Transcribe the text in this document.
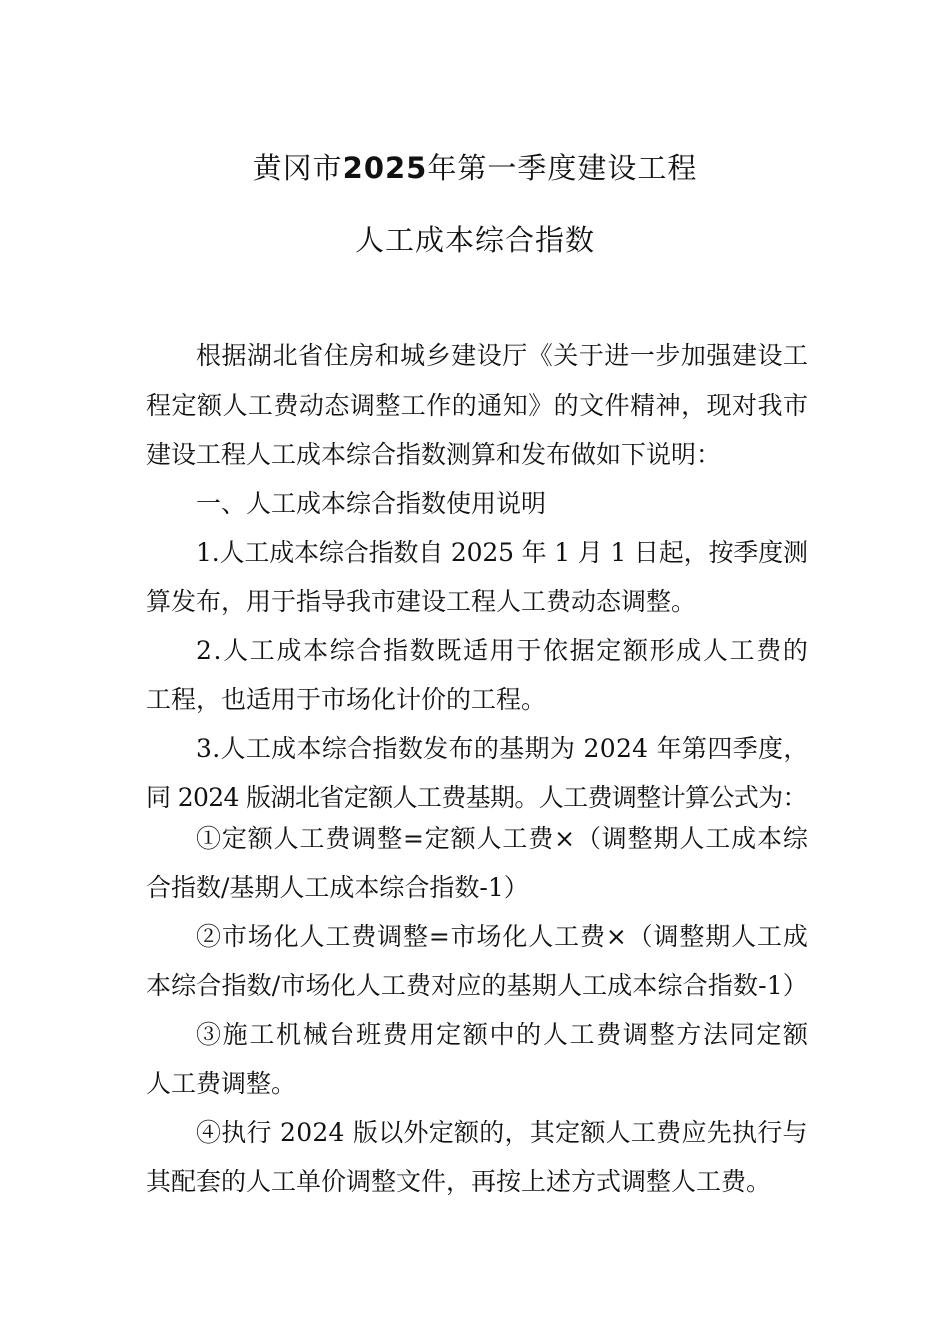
黄冈市2025年第一季度建设工程
人工成本综合指数
根据湖北省住房和城乡建设厅《关于进一步加强建设工
程定额人工费动态调整工作的通知》的文件精神，现对我市
建设工程人工成本综合指数测算和发布做如下说明：
一、人工成本综合指数使用说明
1.人工成本综合指数自 2025 年 1 月 1 日起，按季度测
算发布，用于指导我市建设工程人工费动态调整。
2.人工成本综合指数既适用于依据定额形成人工费的
工程，也适用于市场化计价的工程。
3.人工成本综合指数发布的基期为 2024 年第四季度，
同 2024 版湖北省定额人工费基期。人工费调整计算公式为：
①定额人工费调整=定额人工费×（调整期人工成本综
合指数/基期人工成本综合指数-1）
②市场化人工费调整=市场化人工费×（调整期人工成
本综合指数/市场化人工费对应的基期人工成本综合指数-1）
③施工机械台班费用定额中的人工费调整方法同定额
人工费调整。
④执行 2024 版以外定额的，其定额人工费应先执行与
其配套的人工单价调整文件，再按上述方式调整人工费。
